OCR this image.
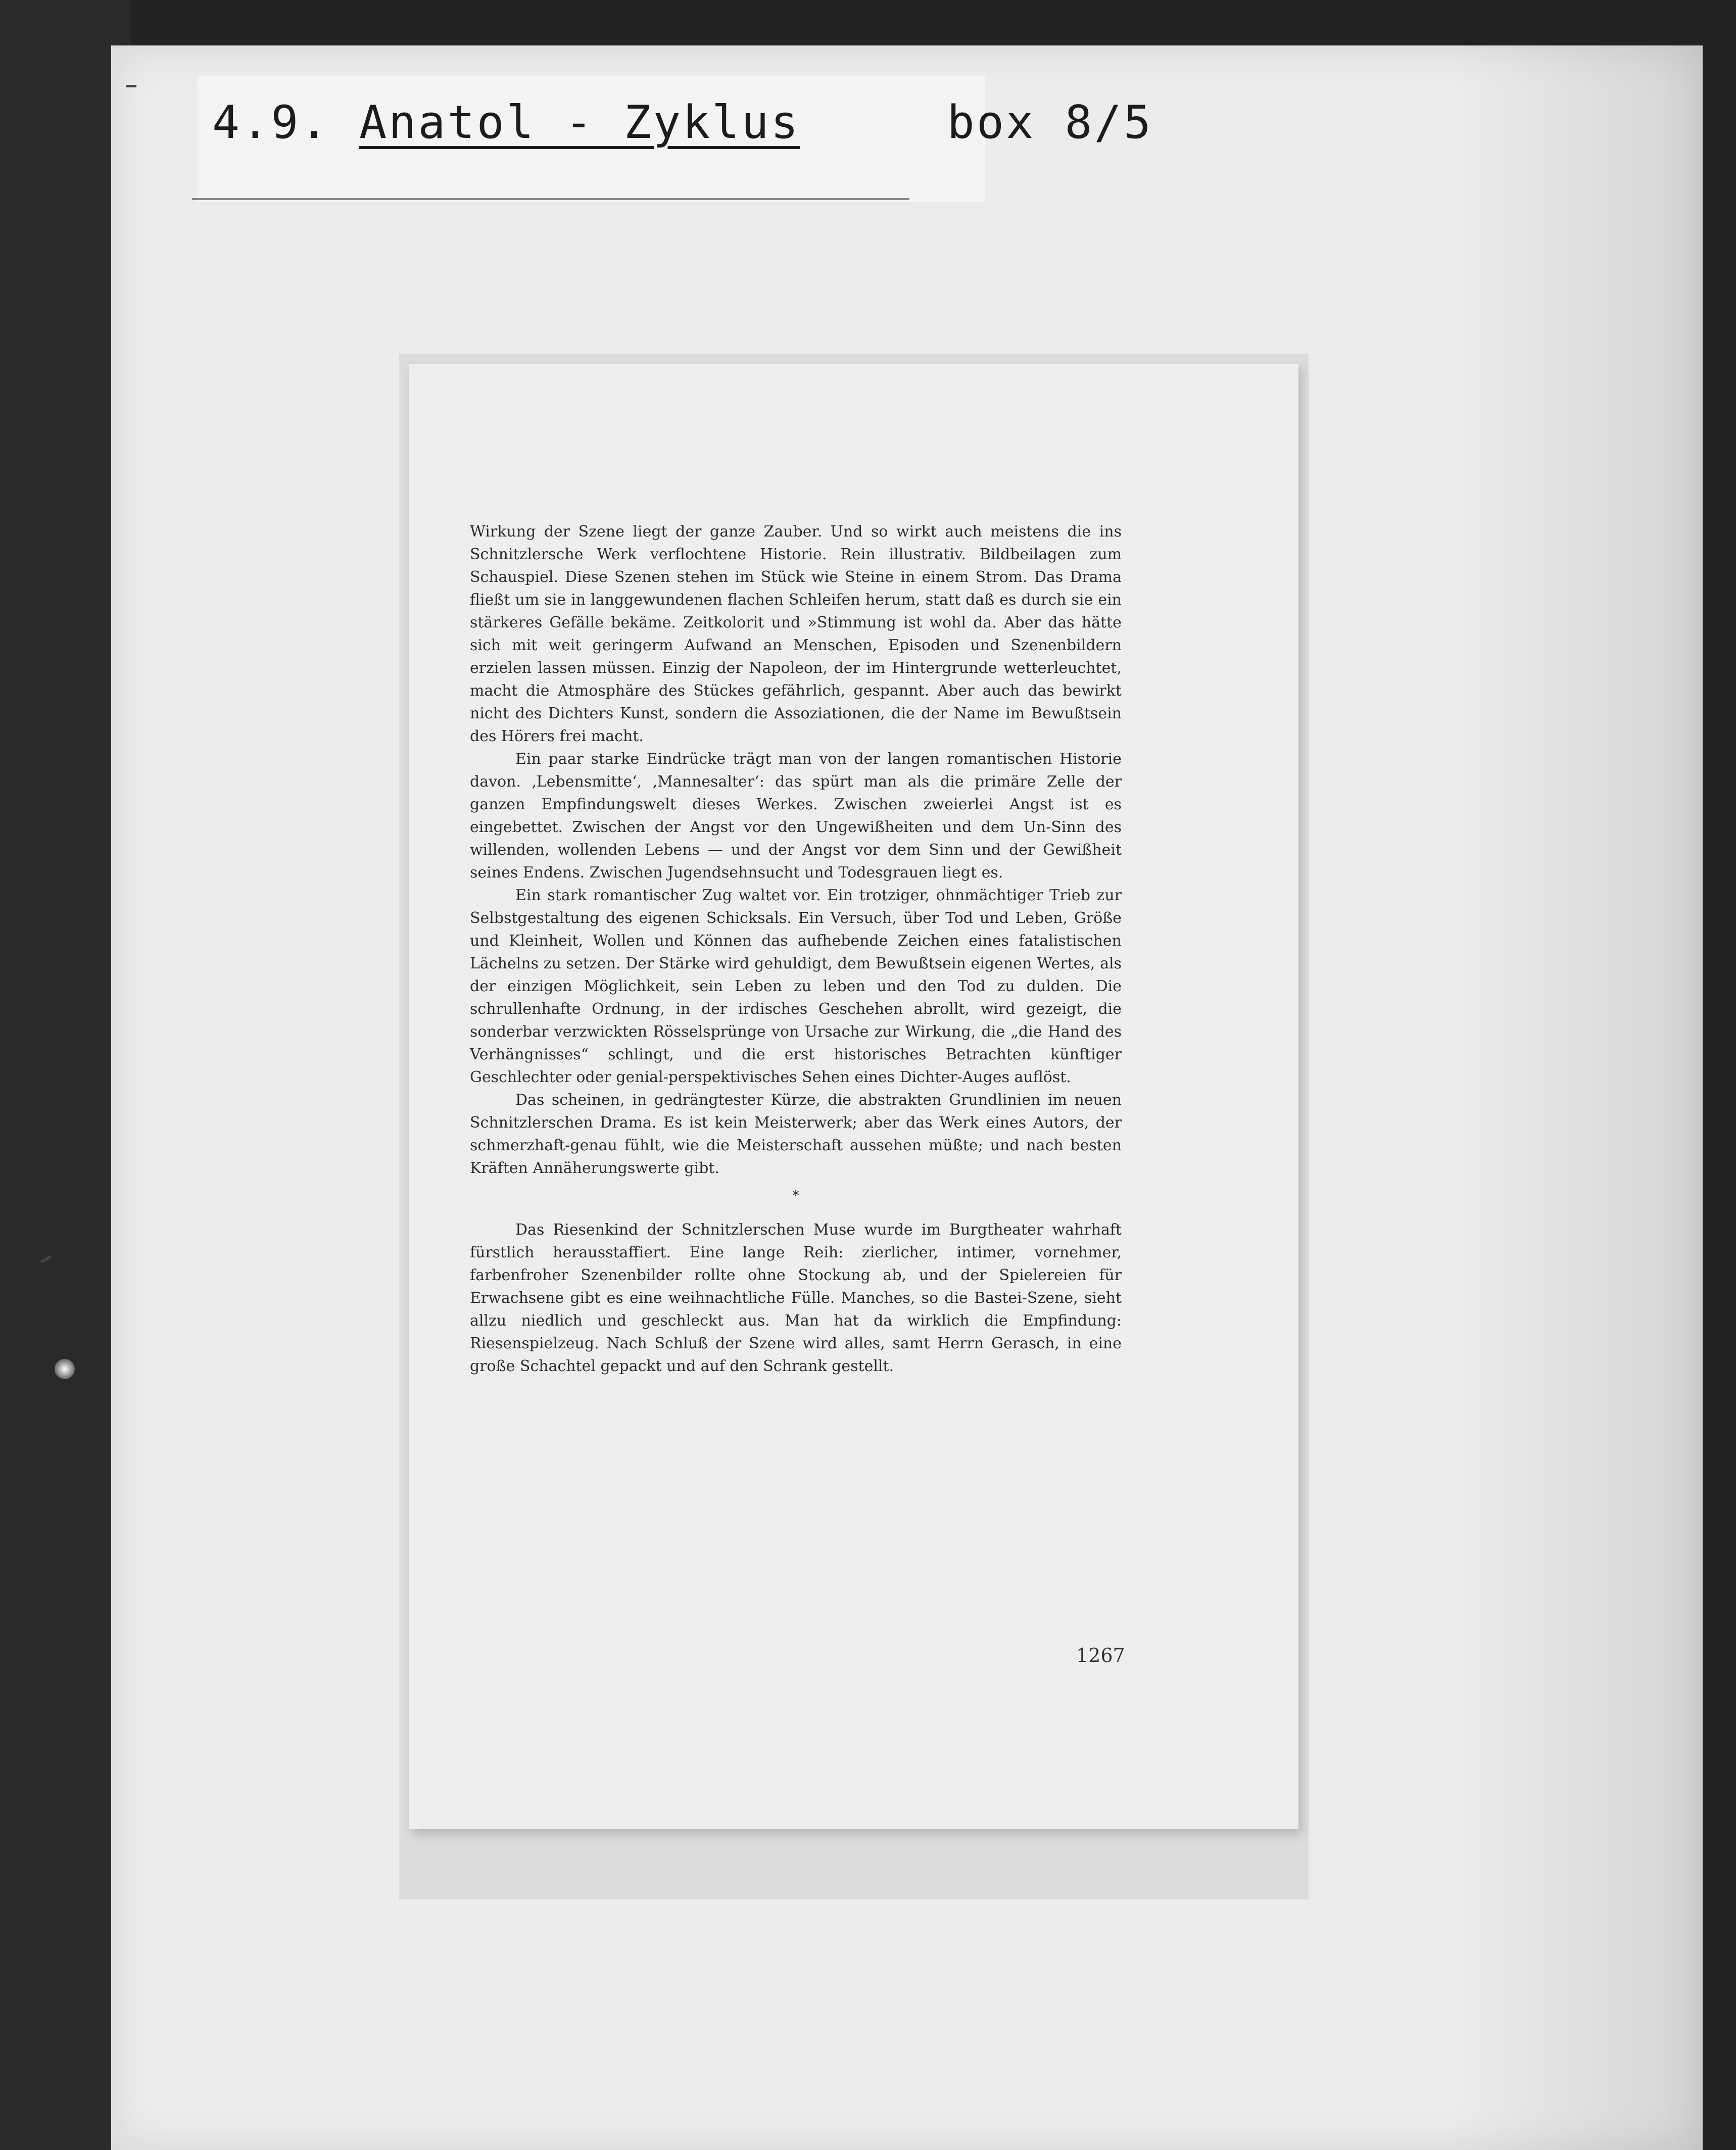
4.9. Anatol - Zyklus	box 8/5

Wirkung der Szene liegt der ganze Zauber. Und so wirkt auch meistens die ins Schnitzlersche Werk verflochtene Historie. Rein illustrativ. Bildbeilagen zum Schauspiel. Diese Szenen stehen im Stück wie Steine in einem Strom. Das Drama fließt um sie in langgewundenen flachen Schleifen herum, statt daß es durch sie ein stärkeres Gefälle bekäme. Zeitkolorit und »Stimmung ist wohl da. Aber das hätte sich mit weit geringerm Aufwand an Menschen, Episoden und Szenenbildern erzielen lassen müssen. Einzig der Napoleon, der im Hintergrunde wetterleuchtet, macht die Atmosphäre des Stückes gefährlich, gespannt. Aber auch das bewirkt nicht des Dichters Kunst, sondern die Assoziationen, die der Name im Bewußtsein des Hörers frei macht.

Ein paar starke Eindrücke trägt man von der langen romantischen Historie davon. ‚Lebensmitte‘, ‚Mannesalter‘: das spürt man als die primäre Zelle der ganzen Empfindungswelt dieses Werkes. Zwischen zweierlei Angst ist es eingebettet. Zwischen der Angst vor den Ungewißheiten und dem Un-Sinn des willenden, wollenden Lebens — und der Angst vor dem Sinn und der Gewißheit seines Endens. Zwischen Jugendsehnsucht und Todesgrauen liegt es.

Ein stark romantischer Zug waltet vor. Ein trotziger, ohnmächtiger Trieb zur Selbstgestaltung des eigenen Schicksals. Ein Versuch, über Tod und Leben, Größe und Kleinheit, Wollen und Können das aufhebende Zeichen eines fatalistischen Lächelns zu setzen. Der Stärke wird gehuldigt, dem Bewußtsein eigenen Wertes, als der einzigen Möglichkeit, sein Leben zu leben und den Tod zu dulden. Die schrullenhafte Ordnung, in der irdisches Geschehen abrollt, wird gezeigt, die sonderbar verzwickten Rösselsprünge von Ursache zur Wirkung, die „die Hand des Verhängnisses“ schlingt, und die erst historisches Betrachten künftiger Geschlechter oder genial-perspektivisches Sehen eines Dichter-Auges auflöst.

Das scheinen, in gedrängtester Kürze, die abstrakten Grundlinien im neuen Schnitzlerschen Drama. Es ist kein Meisterwerk; aber das Werk eines Autors, der schmerzhaft-genau fühlt, wie die Meisterschaft aussehen müßte; und nach besten Kräften Annäherungswerte gibt.

*

Das Riesenkind der Schnitzlerschen Muse wurde im Burgtheater wahrhaft fürstlich herausstaffiert. Eine lange Reih: zierlicher, intimer, vornehmer, farbenfroher Szenenbilder rollte ohne Stockung ab, und der Spielereien für Erwachsene gibt es eine weihnachtliche Fülle. Manches, so die Bastei-Szene, sieht allzu niedlich und geschleckt aus. Man hat da wirklich die Empfindung: Riesenspielzeug. Nach Schluß der Szene wird alles, samt Herrn Gerasch, in eine große Schachtel gepackt und auf den Schrank gestellt.

1267
